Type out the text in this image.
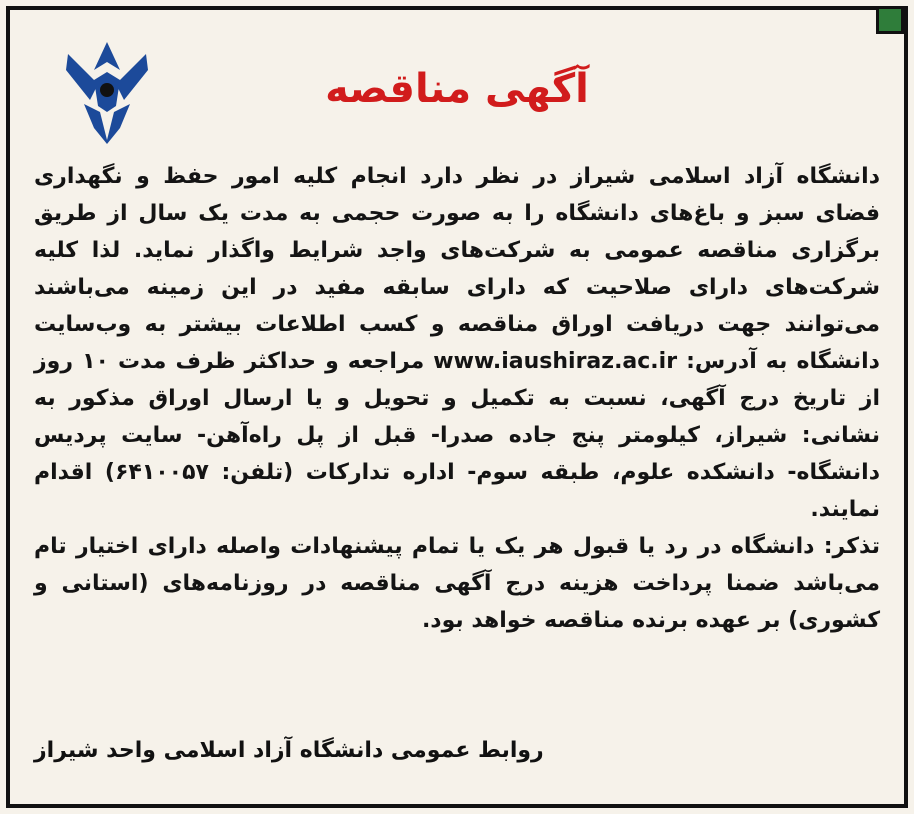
آگهی مناقصه

دانشگاه آزاد اسلامی شیراز در نظر دارد انجام کلیه امور حفظ و نگهداری فضای سبز و باغ‌های دانشگاه را به صورت حجمی به مدت یک سال از طریق برگزاری مناقصه عمومی به شرکت‌های واجد شرایط واگذار نماید. لذا کلیه شرکت‌های دارای صلاحیت که دارای سابقه مفید در این زمینه می‌باشند می‌توانند جهت دریافت اوراق مناقصه و کسب اطلاعات بیشتر به وب‌سایت دانشگاه به آدرس: www.iaushiraz.ac.ir مراجعه و حداکثر ظرف مدت ۱۰ روز از تاریخ درج آگهی، نسبت به تکمیل و تحویل و یا ارسال اوراق مذکور به نشانی: شیراز، کیلومتر پنج جاده صدرا- قبل از پل راه‌آهن- سایت پردیس دانشگاه- دانشکده علوم، طبقه سوم- اداره تدارکات (تلفن: ۶۴۱۰۰۵۷) اقدام نمایند.

تذکر: دانشگاه در رد یا قبول هر یک یا تمام پیشنهادات واصله دارای اختیار تام می‌باشد ضمنا پرداخت هزینه درج آگهی مناقصه در روزنامه‌های (استانی و کشوری) بر عهده برنده مناقصه خواهد بود.

روابط عمومی دانشگاه آزاد اسلامی واحد شیراز
